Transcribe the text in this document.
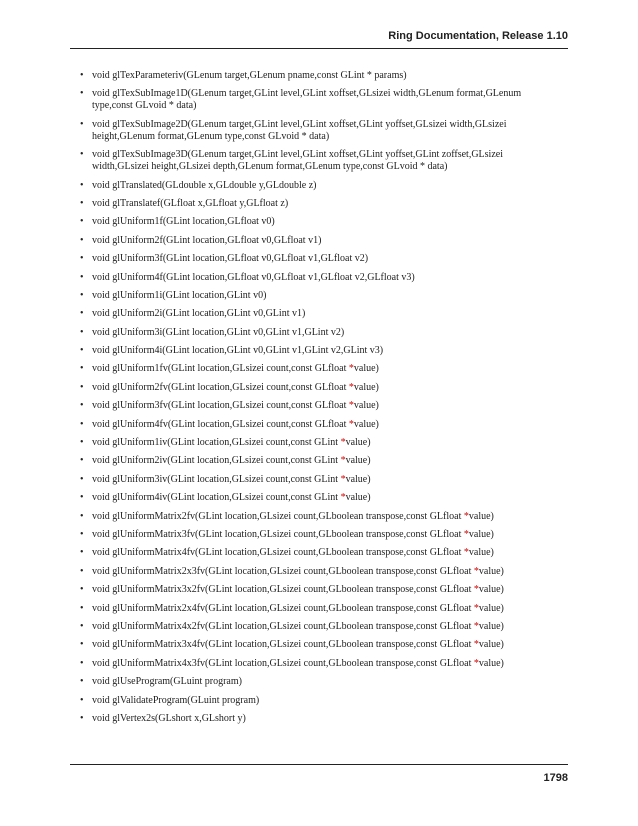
Ring Documentation, Release 1.10
• void glTexParameteriv(GLenum target,GLenum pname,const GLint * params)
• void glTexSubImage1D(GLenum target,GLint level,GLint xoffset,GLsizei width,GLenum format,GLenum type,const GLvoid * data)
• void glTexSubImage2D(GLenum target,GLint level,GLint xoffset,GLint yoffset,GLsizei width,GLsizei height,GLenum format,GLenum type,const GLvoid * data)
• void glTexSubImage3D(GLenum target,GLint level,GLint xoffset,GLint yoffset,GLint zoffset,GLsizei width,GLsizei height,GLsizei depth,GLenum format,GLenum type,const GLvoid * data)
• void glTranslated(GLdouble x,GLdouble y,GLdouble z)
• void glTranslatef(GLfloat x,GLfloat y,GLfloat z)
• void glUniform1f(GLint location,GLfloat v0)
• void glUniform2f(GLint location,GLfloat v0,GLfloat v1)
• void glUniform3f(GLint location,GLfloat v0,GLfloat v1,GLfloat v2)
• void glUniform4f(GLint location,GLfloat v0,GLfloat v1,GLfloat v2,GLfloat v3)
• void glUniform1i(GLint location,GLint v0)
• void glUniform2i(GLint location,GLint v0,GLint v1)
• void glUniform3i(GLint location,GLint v0,GLint v1,GLint v2)
• void glUniform4i(GLint location,GLint v0,GLint v1,GLint v2,GLint v3)
• void glUniform1fv(GLint location,GLsizei count,const GLfloat *value)
• void glUniform2fv(GLint location,GLsizei count,const GLfloat *value)
• void glUniform3fv(GLint location,GLsizei count,const GLfloat *value)
• void glUniform4fv(GLint location,GLsizei count,const GLfloat *value)
• void glUniform1iv(GLint location,GLsizei count,const GLint *value)
• void glUniform2iv(GLint location,GLsizei count,const GLint *value)
• void glUniform3iv(GLint location,GLsizei count,const GLint *value)
• void glUniform4iv(GLint location,GLsizei count,const GLint *value)
• void glUniformMatrix2fv(GLint location,GLsizei count,GLboolean transpose,const GLfloat *value)
• void glUniformMatrix3fv(GLint location,GLsizei count,GLboolean transpose,const GLfloat *value)
• void glUniformMatrix4fv(GLint location,GLsizei count,GLboolean transpose,const GLfloat *value)
• void glUniformMatrix2x3fv(GLint location,GLsizei count,GLboolean transpose,const GLfloat *value)
• void glUniformMatrix3x2fv(GLint location,GLsizei count,GLboolean transpose,const GLfloat *value)
• void glUniformMatrix2x4fv(GLint location,GLsizei count,GLboolean transpose,const GLfloat *value)
• void glUniformMatrix4x2fv(GLint location,GLsizei count,GLboolean transpose,const GLfloat *value)
• void glUniformMatrix3x4fv(GLint location,GLsizei count,GLboolean transpose,const GLfloat *value)
• void glUniformMatrix4x3fv(GLint location,GLsizei count,GLboolean transpose,const GLfloat *value)
• void glUseProgram(GLuint program)
• void glValidateProgram(GLuint program)
• void glVertex2s(GLshort x,GLshort y)
1798
